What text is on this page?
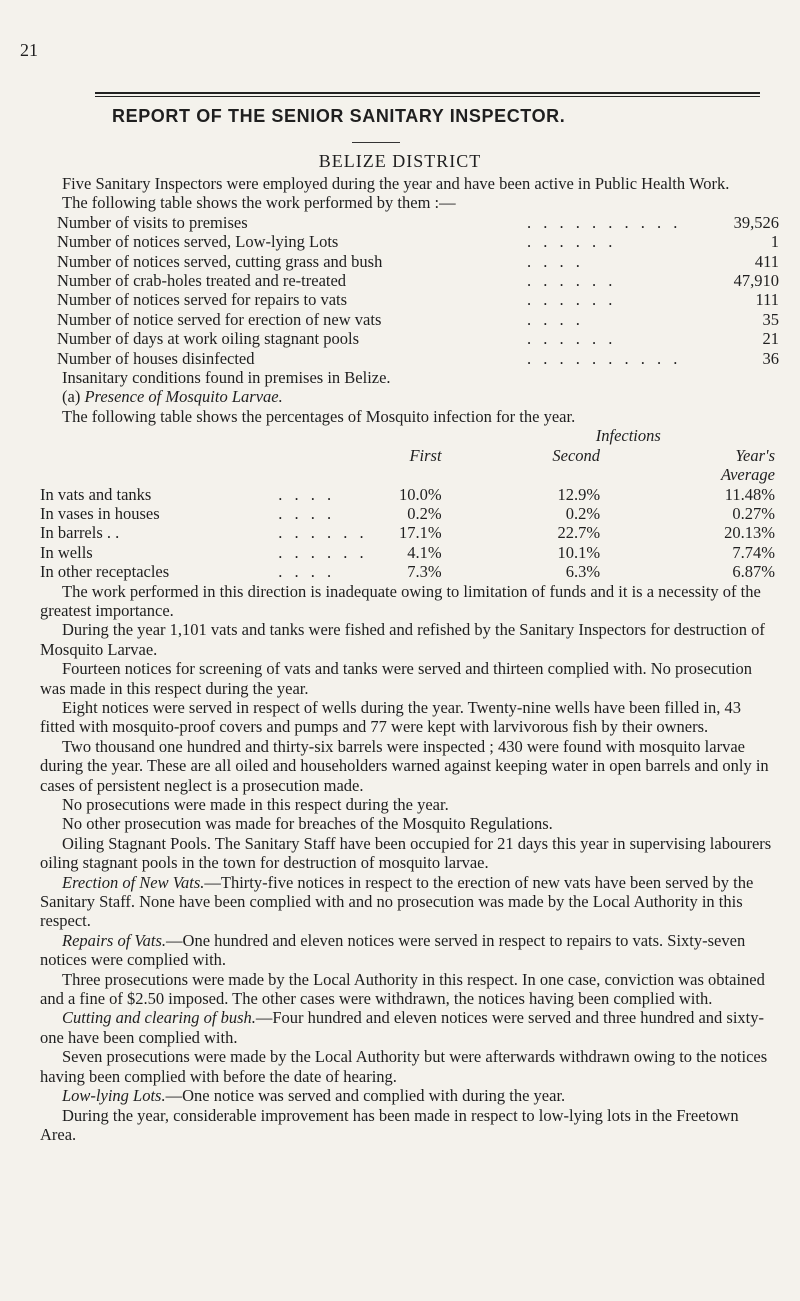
21
REPORT OF THE SENIOR SANITARY INSPECTOR.
BELIZE DISTRICT

Five Sanitary Inspectors were employed during the year and have been active in Public Health Work.

The following table shows the work performed by them :—

Number of visits to premises	. . . . . . . . . .	39,526
Number of notices served, Low-lying Lots	. . . . . .	1
Number of notices served, cutting grass and bush	. . . .	411
Number of crab-holes treated and re-treated	. . . . . .	47,910
Number of notices served for repairs to vats	. . . . . .	111
Number of notice served for erection of new vats	. . . .	35
Number of days at work oiling stagnant pools	. . . . . .	21
Number of houses disinfected	. . . . . . . . . .	36

Insanitary conditions found in premises in Belize.

(a) Presence of Mosquito Larvae.

The following table shows the percentages of Mosquito infection for the year.

			Infections	
		First	Second	Year's
				Average
In vats and tanks	. . . .	10.0%	12.9%	11.48%
In vases in houses	. . . .	0.2%	0.2%	0.27%
In barrels . .	. . . . . .	17.1%	22.7%	20.13%
In wells	. . . . . .	4.1%	10.1%	7.74%
In other receptacles	. . . .	7.3%	6.3%	6.87%

The work performed in this direction is inadequate owing to limitation of funds and it is a necessity of the greatest importance.

During the year 1,101 vats and tanks were fished and refished by the Sanitary Inspectors for destruction of Mosquito Larvae.

Fourteen notices for screening of vats and tanks were served and thirteen complied with. No prosecution was made in this respect during the year.

Eight notices were served in respect of wells during the year. Twenty-nine wells have been filled in, 43 fitted with mosquito-proof covers and pumps and 77 were kept with larvivorous fish by their owners.

Two thousand one hundred and thirty-six barrels were inspected ; 430 were found with mosquito larvae during the year. These are all oiled and householders warned against keeping water in open barrels and only in cases of persistent neglect is a prosecution made.

No prosecutions were made in this respect during the year.

No other prosecution was made for breaches of the Mosquito Regulations.

Oiling Stagnant Pools. The Sanitary Staff have been occupied for 21 days this year in supervising labourers oiling stagnant pools in the town for destruction of mosquito larvae.

Erection of New Vats.—Thirty-five notices in respect to the erection of new vats have been served by the Sanitary Staff. None have been complied with and no prosecution was made by the Local Authority in this respect.

Repairs of Vats.—One hundred and eleven notices were served in respect to repairs to vats. Sixty-seven notices were complied with.

Three prosecutions were made by the Local Authority in this respect. In one case, conviction was obtained and a fine of $2.50 imposed. The other cases were withdrawn, the notices having been complied with.

Cutting and clearing of bush.—Four hundred and eleven notices were served and three hundred and sixty-one have been complied with.

Seven prosecutions were made by the Local Authority but were afterwards withdrawn owing to the notices having been complied with before the date of hearing.

Low-lying Lots.—One notice was served and complied with during the year.

During the year, considerable improvement has been made in respect to low-lying lots in the Freetown Area.
